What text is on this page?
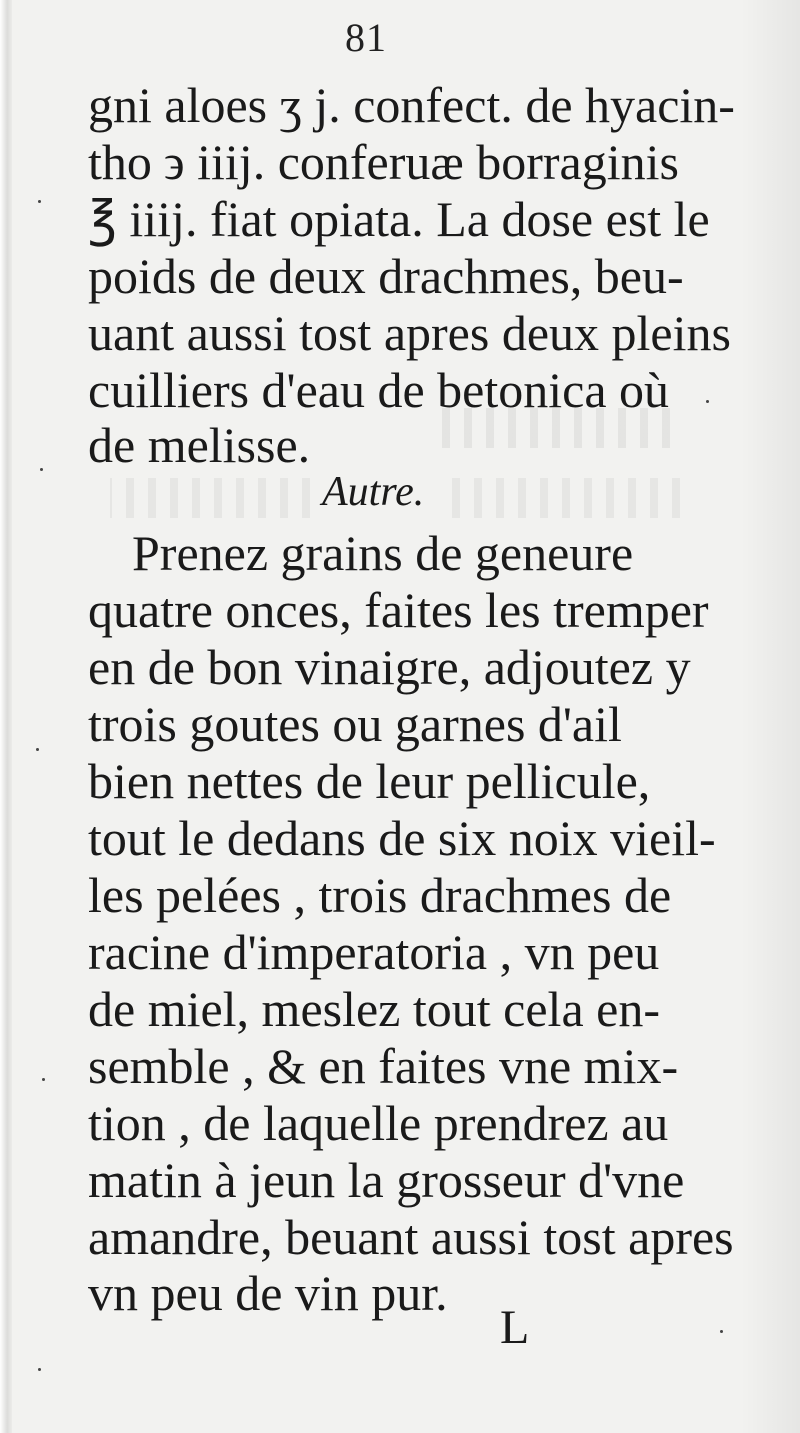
81
gni aloes ʒ j. confect. de hyacin-
tho ϶ iiij. conferuæ borraginis
℥ iiij. fiat opiata. La dose est le
poids de deux drachmes, beu-
uant aussi tost apres deux pleins
cuilliers d'eau de betonica où
de melisse.
Autre.
Prenez grains de geneure
quatre onces, faites les tremper
en de bon vinaigre, adjoutez y
trois goutes ou garnes d'ail
bien nettes de leur pellicule,
tout le dedans de six noix vieil-
les pelées , trois drachmes de
racine d'imperatoria , vn peu
de miel, meslez tout cela en-
semble , & en faites vne mix-
tion , de laquelle prendrez au
matin à jeun la grosseur d'vne
amandre, beuant aussi tost apres
vn peu de vin pur.
L
